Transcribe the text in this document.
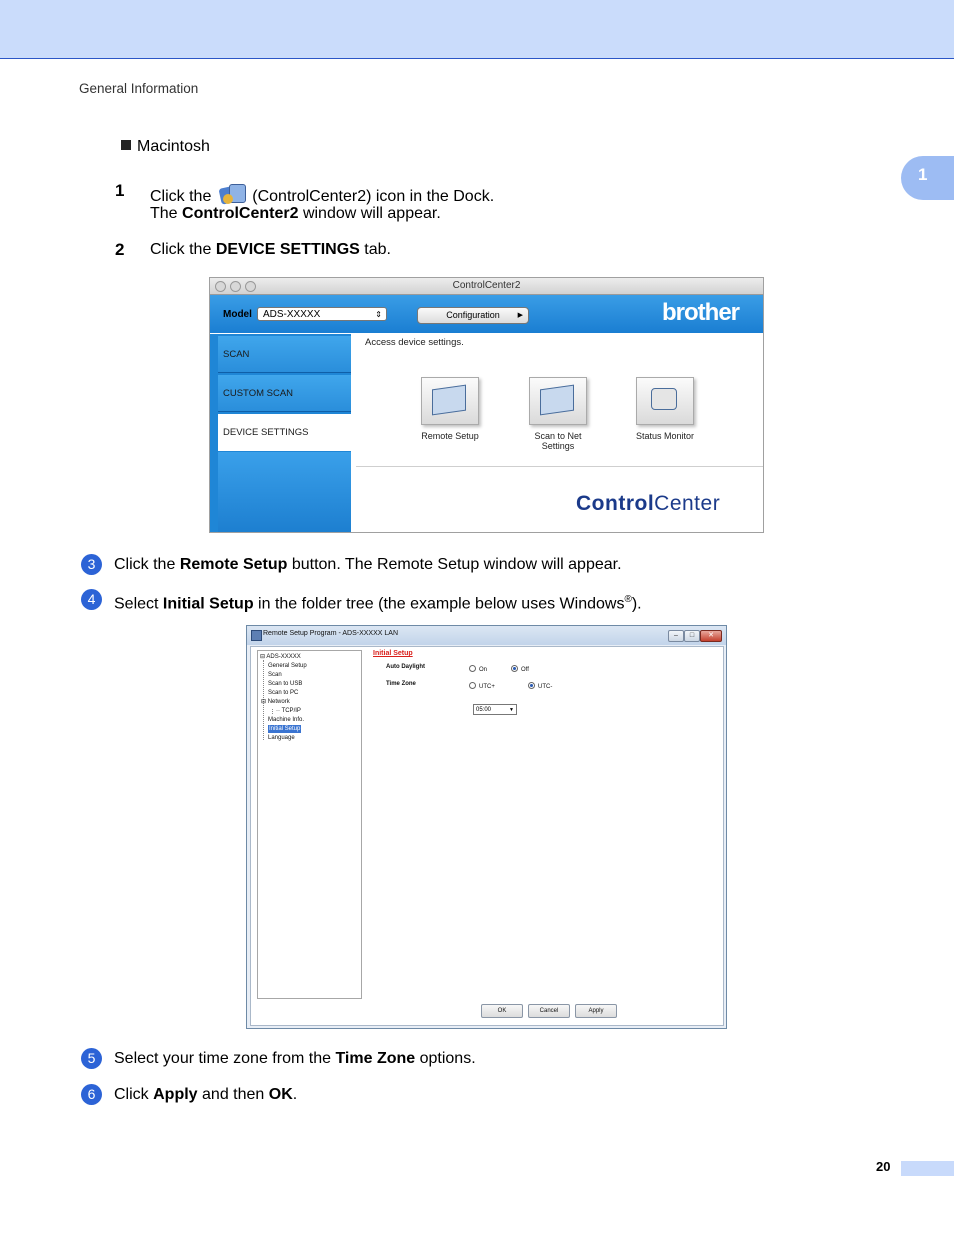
General Information
1
Macintosh
1 Click the	(ControlCenter2) icon in the Dock.
The ControlCenter2 window will appear.
2 Click the DEVICE SETTINGS tab.
ControlCenter2
Model	ADS-XXXXX	⇕	Configuration	▶	brother
SCAN
CUSTOM SCAN
DEVICE SETTINGS
Access device settings.
Remote Setup	Scan to Net Settings
Status Monitor
ControlCenter
3	Click the Remote Setup button. The Remote Setup window will appear.
4	Select Initial Setup in the folder tree (the example below uses Windows®).
Remote Setup Program - ADS-XXXXX LAN	–	□	✕
⊟ ADS-XXXXX
General Setup
Scan
Scan to USB
Scan to PC
⊟ Network
·· TCP/IP
Machine Info.
Initial Setup
Language
Initial Setup
Auto Daylight	On	Off
Time Zone	UTC+	UTC-
05:00	▼
OK	Cancel	Apply
5	Select your time zone from the Time Zone options.
6	Click Apply and then OK.
20
